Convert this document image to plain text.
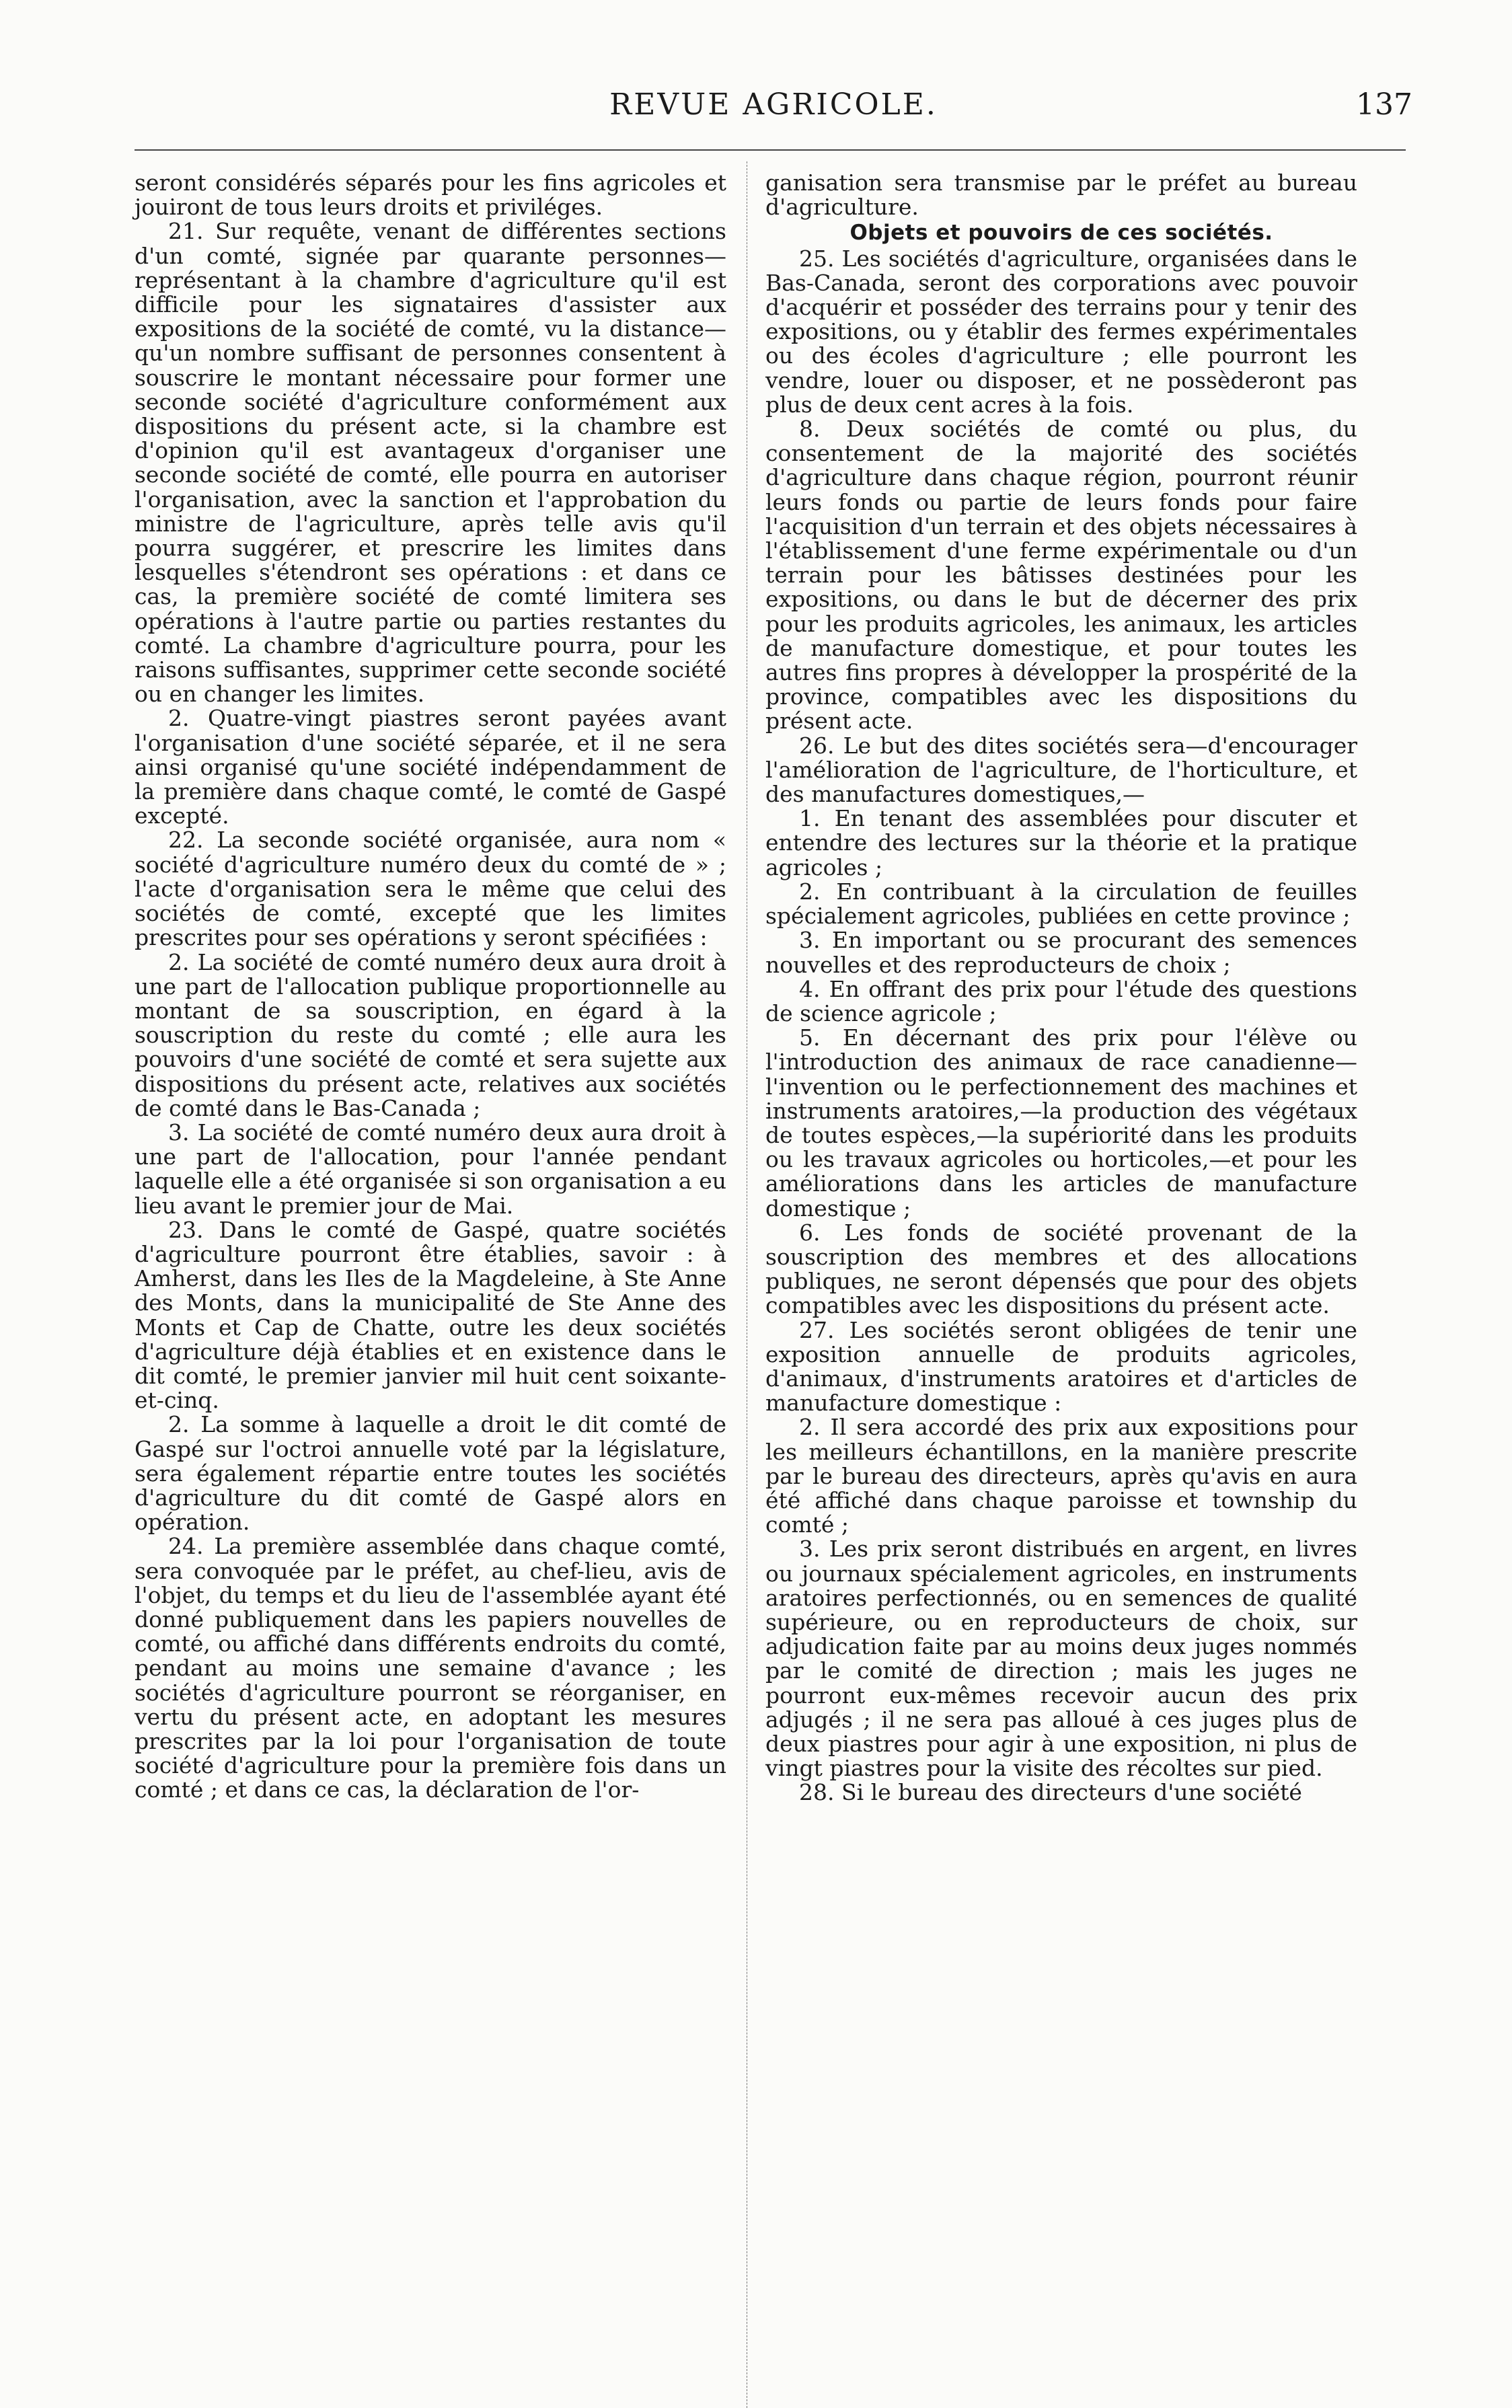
REVUE AGRICOLE.	137

seront considérés séparés pour les fins agricoles et jouiront de tous leurs droits et priviléges.

21. Sur requête, venant de différentes sections d'un comté, signée par quarante personnes—représentant à la chambre d'agriculture qu'il est difficile pour les signataires d'assister aux expositions de la société de comté, vu la distance—qu'un nombre suffisant de personnes consentent à souscrire le montant nécessaire pour former une seconde société d'agriculture conformément aux dispositions du présent acte, si la chambre est d'opinion qu'il est avantageux d'organiser une seconde société de comté, elle pourra en autoriser l'organisation, avec la sanction et l'approbation du ministre de l'agriculture, après telle avis qu'il pourra suggérer, et prescrire les limites dans lesquelles s'étendront ses opérations : et dans ce cas, la première société de comté limitera ses opérations à l'autre partie ou parties restantes du comté. La chambre d'agriculture pourra, pour les raisons suffisantes, supprimer cette seconde société ou en changer les limites.

2. Quatre-vingt piastres seront payées avant l'organisation d'une société séparée, et il ne sera ainsi organisé qu'une société indépendamment de la première dans chaque comté, le comté de Gaspé excepté.

22. La seconde société organisée, aura nom « société d'agriculture numéro deux du comté de » ; l'acte d'organisation sera le même que celui des sociétés de comté, excepté que les limites prescrites pour ses opérations y seront spécifiées :

2. La société de comté numéro deux aura droit à une part de l'allocation publique proportionnelle au montant de sa souscription, en égard à la souscription du reste du comté ; elle aura les pouvoirs d'une société de comté et sera sujette aux dispositions du présent acte, relatives aux sociétés de comté dans le Bas-Canada ;

3. La société de comté numéro deux aura droit à une part de l'allocation, pour l'année pendant laquelle elle a été organisée si son organisation a eu lieu avant le premier jour de Mai.

23. Dans le comté de Gaspé, quatre sociétés d'agriculture pourront être établies, savoir : à Amherst, dans les Iles de la Magdeleine, à Ste Anne des Monts, dans la municipalité de Ste Anne des Monts et Cap de Chatte, outre les deux sociétés d'agriculture déjà établies et en existence dans le dit comté, le premier janvier mil huit cent soixante-et-cinq.

2. La somme à laquelle a droit le dit comté de Gaspé sur l'octroi annuelle voté par la législature, sera également répartie entre toutes les sociétés d'agriculture du dit comté de Gaspé alors en opération.

24. La première assemblée dans chaque comté, sera convoquée par le préfet, au chef-lieu, avis de l'objet, du temps et du lieu de l'assemblée ayant été donné publiquement dans les papiers nouvelles de comté, ou affiché dans différents endroits du comté, pendant au moins une semaine d'avance ; les sociétés d'agriculture pourront se réorganiser, en vertu du présent acte, en adoptant les mesures prescrites par la loi pour l'organisation de toute société d'agriculture pour la première fois dans un comté ; et dans ce cas, la déclaration de l'or-

ganisation sera transmise par le préfet au bureau d'agriculture.

Objets et pouvoirs de ces sociétés.

25. Les sociétés d'agriculture, organisées dans le Bas-Canada, seront des corporations avec pouvoir d'acquérir et posséder des terrains pour y tenir des expositions, ou y établir des fermes expérimentales ou des écoles d'agriculture ; elle pourront les vendre, louer ou disposer, et ne possèderont pas plus de deux cent acres à la fois.

8. Deux sociétés de comté ou plus, du consentement de la majorité des sociétés d'agriculture dans chaque région, pourront réunir leurs fonds ou partie de leurs fonds pour faire l'acquisition d'un terrain et des objets nécessaires à l'établissement d'une ferme expérimentale ou d'un terrain pour les bâtisses destinées pour les expositions, ou dans le but de décerner des prix pour les produits agricoles, les animaux, les articles de manufacture domestique, et pour toutes les autres fins propres à développer la prospérité de la province, compatibles avec les dispositions du présent acte.

26. Le but des dites sociétés sera—d'encourager l'amélioration de l'agriculture, de l'horticulture, et des manufactures domestiques,—

1. En tenant des assemblées pour discuter et entendre des lectures sur la théorie et la pratique agricoles ;

2. En contribuant à la circulation de feuilles spécialement agricoles, publiées en cette province ;

3. En important ou se procurant des semences nouvelles et des reproducteurs de choix ;

4. En offrant des prix pour l'étude des questions de science agricole ;

5. En décernant des prix pour l'élève ou l'introduction des animaux de race canadienne—l'invention ou le perfectionnement des machines et instruments aratoires,—la production des végétaux de toutes espèces,—la supériorité dans les produits ou les travaux agricoles ou horticoles,—et pour les améliorations dans les articles de manufacture domestique ;

6. Les fonds de société provenant de la souscription des membres et des allocations publiques, ne seront dépensés que pour des objets compatibles avec les dispositions du présent acte.

27. Les sociétés seront obligées de tenir une exposition annuelle de produits agricoles, d'animaux, d'instruments aratoires et d'articles de manufacture domestique :

2. Il sera accordé des prix aux expositions pour les meilleurs échantillons, en la manière prescrite par le bureau des directeurs, après qu'avis en aura été affiché dans chaque paroisse et township du comté ;

3. Les prix seront distribués en argent, en livres ou journaux spécialement agricoles, en instruments aratoires perfectionnés, ou en semences de qualité supérieure, ou en reproducteurs de choix, sur adjudication faite par au moins deux juges nommés par le comité de direction ; mais les juges ne pourront eux-mêmes recevoir aucun des prix adjugés ; il ne sera pas alloué à ces juges plus de deux piastres pour agir à une exposition, ni plus de vingt piastres pour la visite des récoltes sur pied.

28. Si le bureau des directeurs d'une société
